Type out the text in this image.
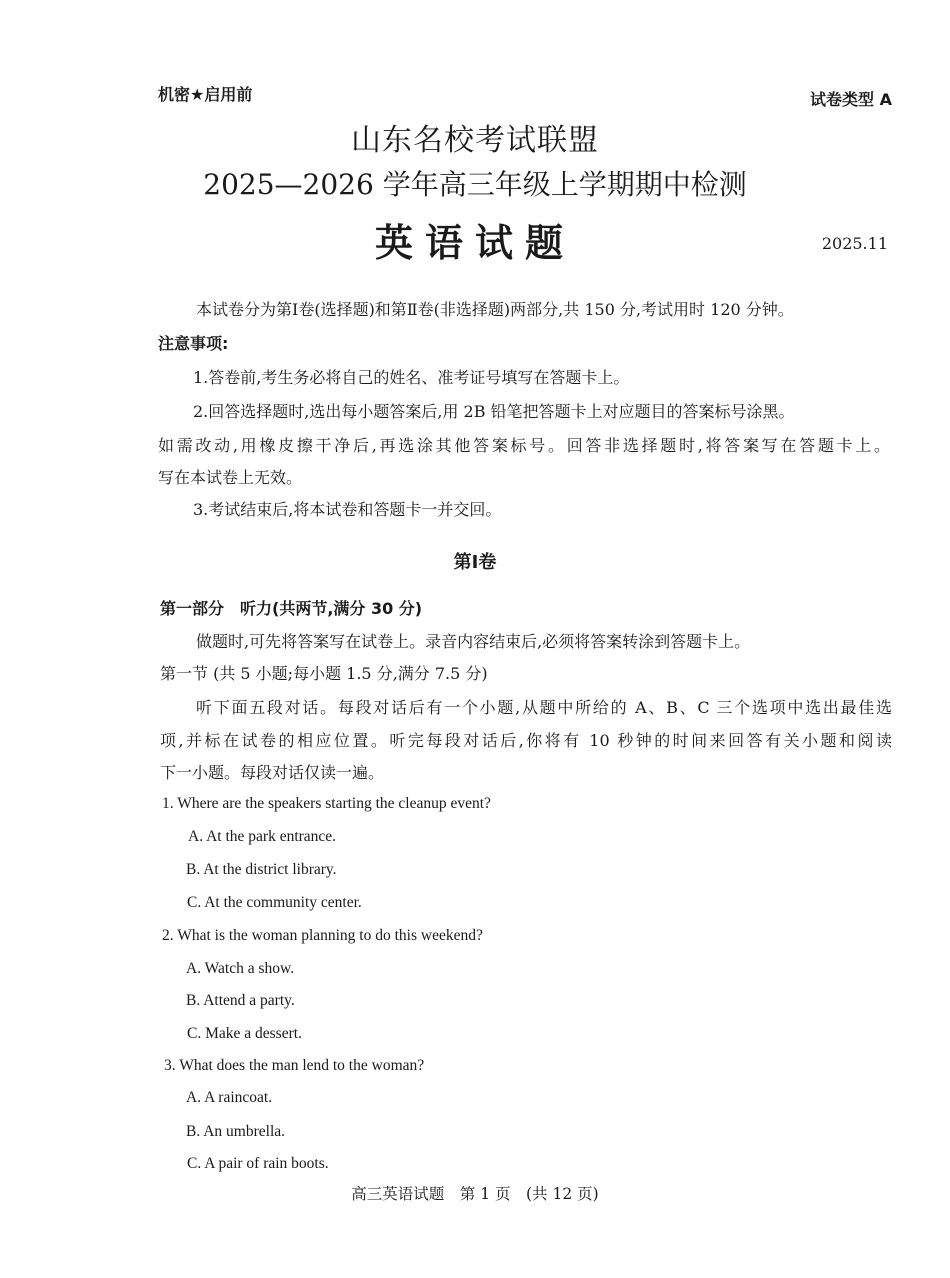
机密★启用前	试卷类型 A
山东名校考试联盟
2025—2026 学年高三年级上学期期中检测
英语试题	2025.11
本试卷分为第Ⅰ卷(选择题)和第Ⅱ卷(非选择题)两部分,共 150 分,考试用时 120 分钟。
注意事项:
1.答卷前,考生务必将自己的姓名、准考证号填写在答题卡上。
2.回答选择题时,选出每小题答案后,用 2B 铅笔把答题卡上对应题目的答案标号涂黑。
如需改动,用橡皮擦干净后,再选涂其他答案标号。回答非选择题时,将答案写在答题卡上。
写在本试卷上无效。
3.考试结束后,将本试卷和答题卡一并交回。
第Ⅰ卷
第一部分　听力(共两节,满分 30 分)
做题时,可先将答案写在试卷上。录音内容结束后,必须将答案转涂到答题卡上。
第一节 (共 5 小题;每小题 1.5 分,满分 7.5 分)
听下面五段对话。每段对话后有一个小题,从题中所给的 A、B、C 三个选项中选出最佳选
项,并标在试卷的相应位置。听完每段对话后,你将有 10 秒钟的时间来回答有关小题和阅读
下一小题。每段对话仅读一遍。
1. Where are the speakers starting the cleanup event?
A. At the park entrance.
B. At the district library.
C. At the community center.
2. What is the woman planning to do this weekend?
A. Watch a show.
B. Attend a party.
C. Make a dessert.
3. What does the man lend to the woman?
A. A raincoat.
B. An umbrella.
C. A pair of rain boots.
高三英语试题　第 1 页　(共 12 页)
